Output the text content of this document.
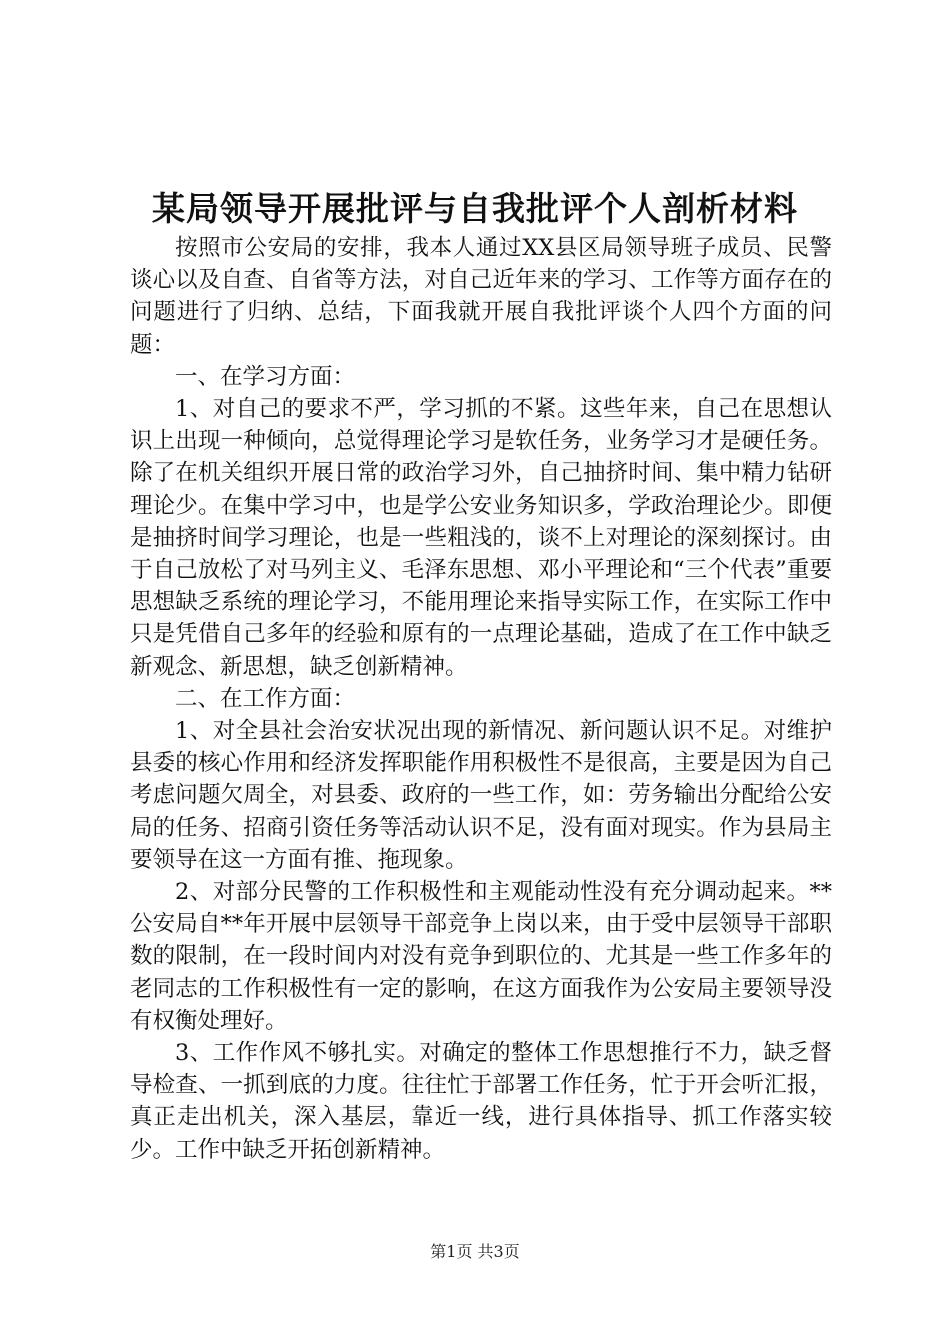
某局领导开展批评与自我批评个人剖析材料

按照市公安局的安排，我本人通过XX县区局领导班子成员、民警谈心以及自查、自省等方法，对自己近年来的学习、工作等方面存在的问题进行了归纳、总结，下面我就开展自我批评谈个人四个方面的问题：

一、在学习方面：

1、对自己的要求不严，学习抓的不紧。这些年来，自己在思想认识上出现一种倾向，总觉得理论学习是软任务，业务学习才是硬任务。除了在机关组织开展日常的政治学习外，自己抽挤时间、集中精力钻研理论少。在集中学习中，也是学公安业务知识多，学政治理论少。即便是抽挤时间学习理论，也是一些粗浅的，谈不上对理论的深刻探讨。由于自己放松了对马列主义、毛泽东思想、邓小平理论和“三个代表”重要思想缺乏系统的理论学习，不能用理论来指导实际工作，在实际工作中只是凭借自己多年的经验和原有的一点理论基础，造成了在工作中缺乏新观念、新思想，缺乏创新精神。

二、在工作方面：

1、对全县社会治安状况出现的新情况、新问题认识不足。对维护县委的核心作用和经济发挥职能作用积极性不是很高，主要是因为自己考虑问题欠周全，对县委、政府的一些工作，如：劳务输出分配给公安局的任务、招商引资任务等活动认识不足，没有面对现实。作为县局主要领导在这一方面有推、拖现象。

2、对部分民警的工作积极性和主观能动性没有充分调动起来。**公安局自**年开展中层领导干部竞争上岗以来，由于受中层领导干部职数的限制，在一段时间内对没有竞争到职位的、尤其是一些工作多年的老同志的工作积极性有一定的影响，在这方面我作为公安局主要领导没有权衡处理好。

3、工作作风不够扎实。对确定的整体工作思想推行不力，缺乏督导检查、一抓到底的力度。往往忙于部署工作任务，忙于开会听汇报，真正走出机关，深入基层，靠近一线，进行具体指导、抓工作落实较少。工作中缺乏开拓创新精神。

第1页 共3页
